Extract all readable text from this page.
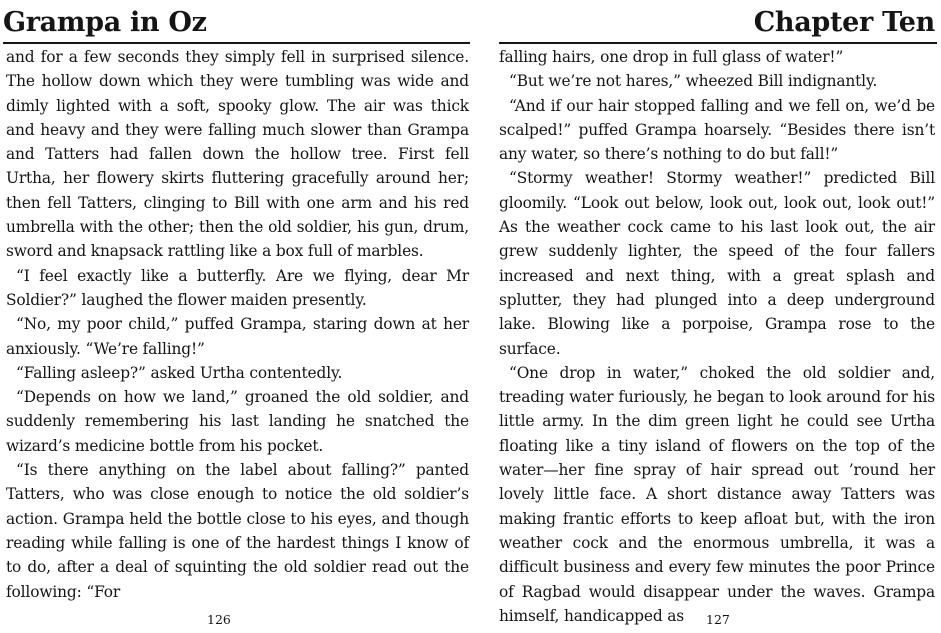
Grampa in Oz

and for a few seconds they simply fell in surprised silence. The hollow down which they were tumbling was wide and dimly lighted with a soft, spooky glow. The air was thick and heavy and they were falling much slower than Grampa and Tatters had fallen down the hollow tree. First fell Urtha, her flowery skirts fluttering gracefully around her; then fell Tatters, clinging to Bill with one arm and his red umbrella with the other; then the old soldier, his gun, drum, sword and knapsack rattling like a box full of marbles.

“I feel exactly like a butterfly. Are we flying, dear Mr Soldier?” laughed the flower maiden presently.

“No, my poor child,” puffed Grampa, staring down at her anxiously. “We’re falling!”

“Falling asleep?” asked Urtha contentedly.

“Depends on how we land,” groaned the old soldier, and suddenly remembering his last landing he snatched the wizard’s medicine bottle from his pocket.

“Is there anything on the label about falling?” panted Tatters, who was close enough to notice the old soldier’s action. Grampa held the bottle close to his eyes, and though reading while falling is one of the hardest things I know of to do, after a deal of squinting the old soldier read out the following: “For

126
Chapter Ten

falling hairs, one drop in full glass of water!”

“But we’re not hares,” wheezed Bill indignantly.

“And if our hair stopped falling and we fell on, we’d be scalped!” puffed Grampa hoarsely. “Besides there isn’t any water, so there’s nothing to do but fall!”

“Stormy weather! Stormy weather!” predicted Bill gloomily. “Look out below, look out, look out, look out!” As the weather cock came to his last look out, the air grew suddenly lighter, the speed of the four fallers increased and next thing, with a great splash and splutter, they had plunged into a deep underground lake. Blowing like a porpoise, Grampa rose to the surface.

“One drop in water,” choked the old soldier and, treading water furiously, he began to look around for his little army. In the dim green light he could see Urtha floating like a tiny island of flowers on the top of the water—her fine spray of hair spread out ’round her lovely little face. A short distance away Tatters was making frantic efforts to keep afloat but, with the iron weather cock and the enormous umbrella, it was a difficult business and every few minutes the poor Prince of Ragbad would disappear under the waves. Grampa himself, handicapped as	127
